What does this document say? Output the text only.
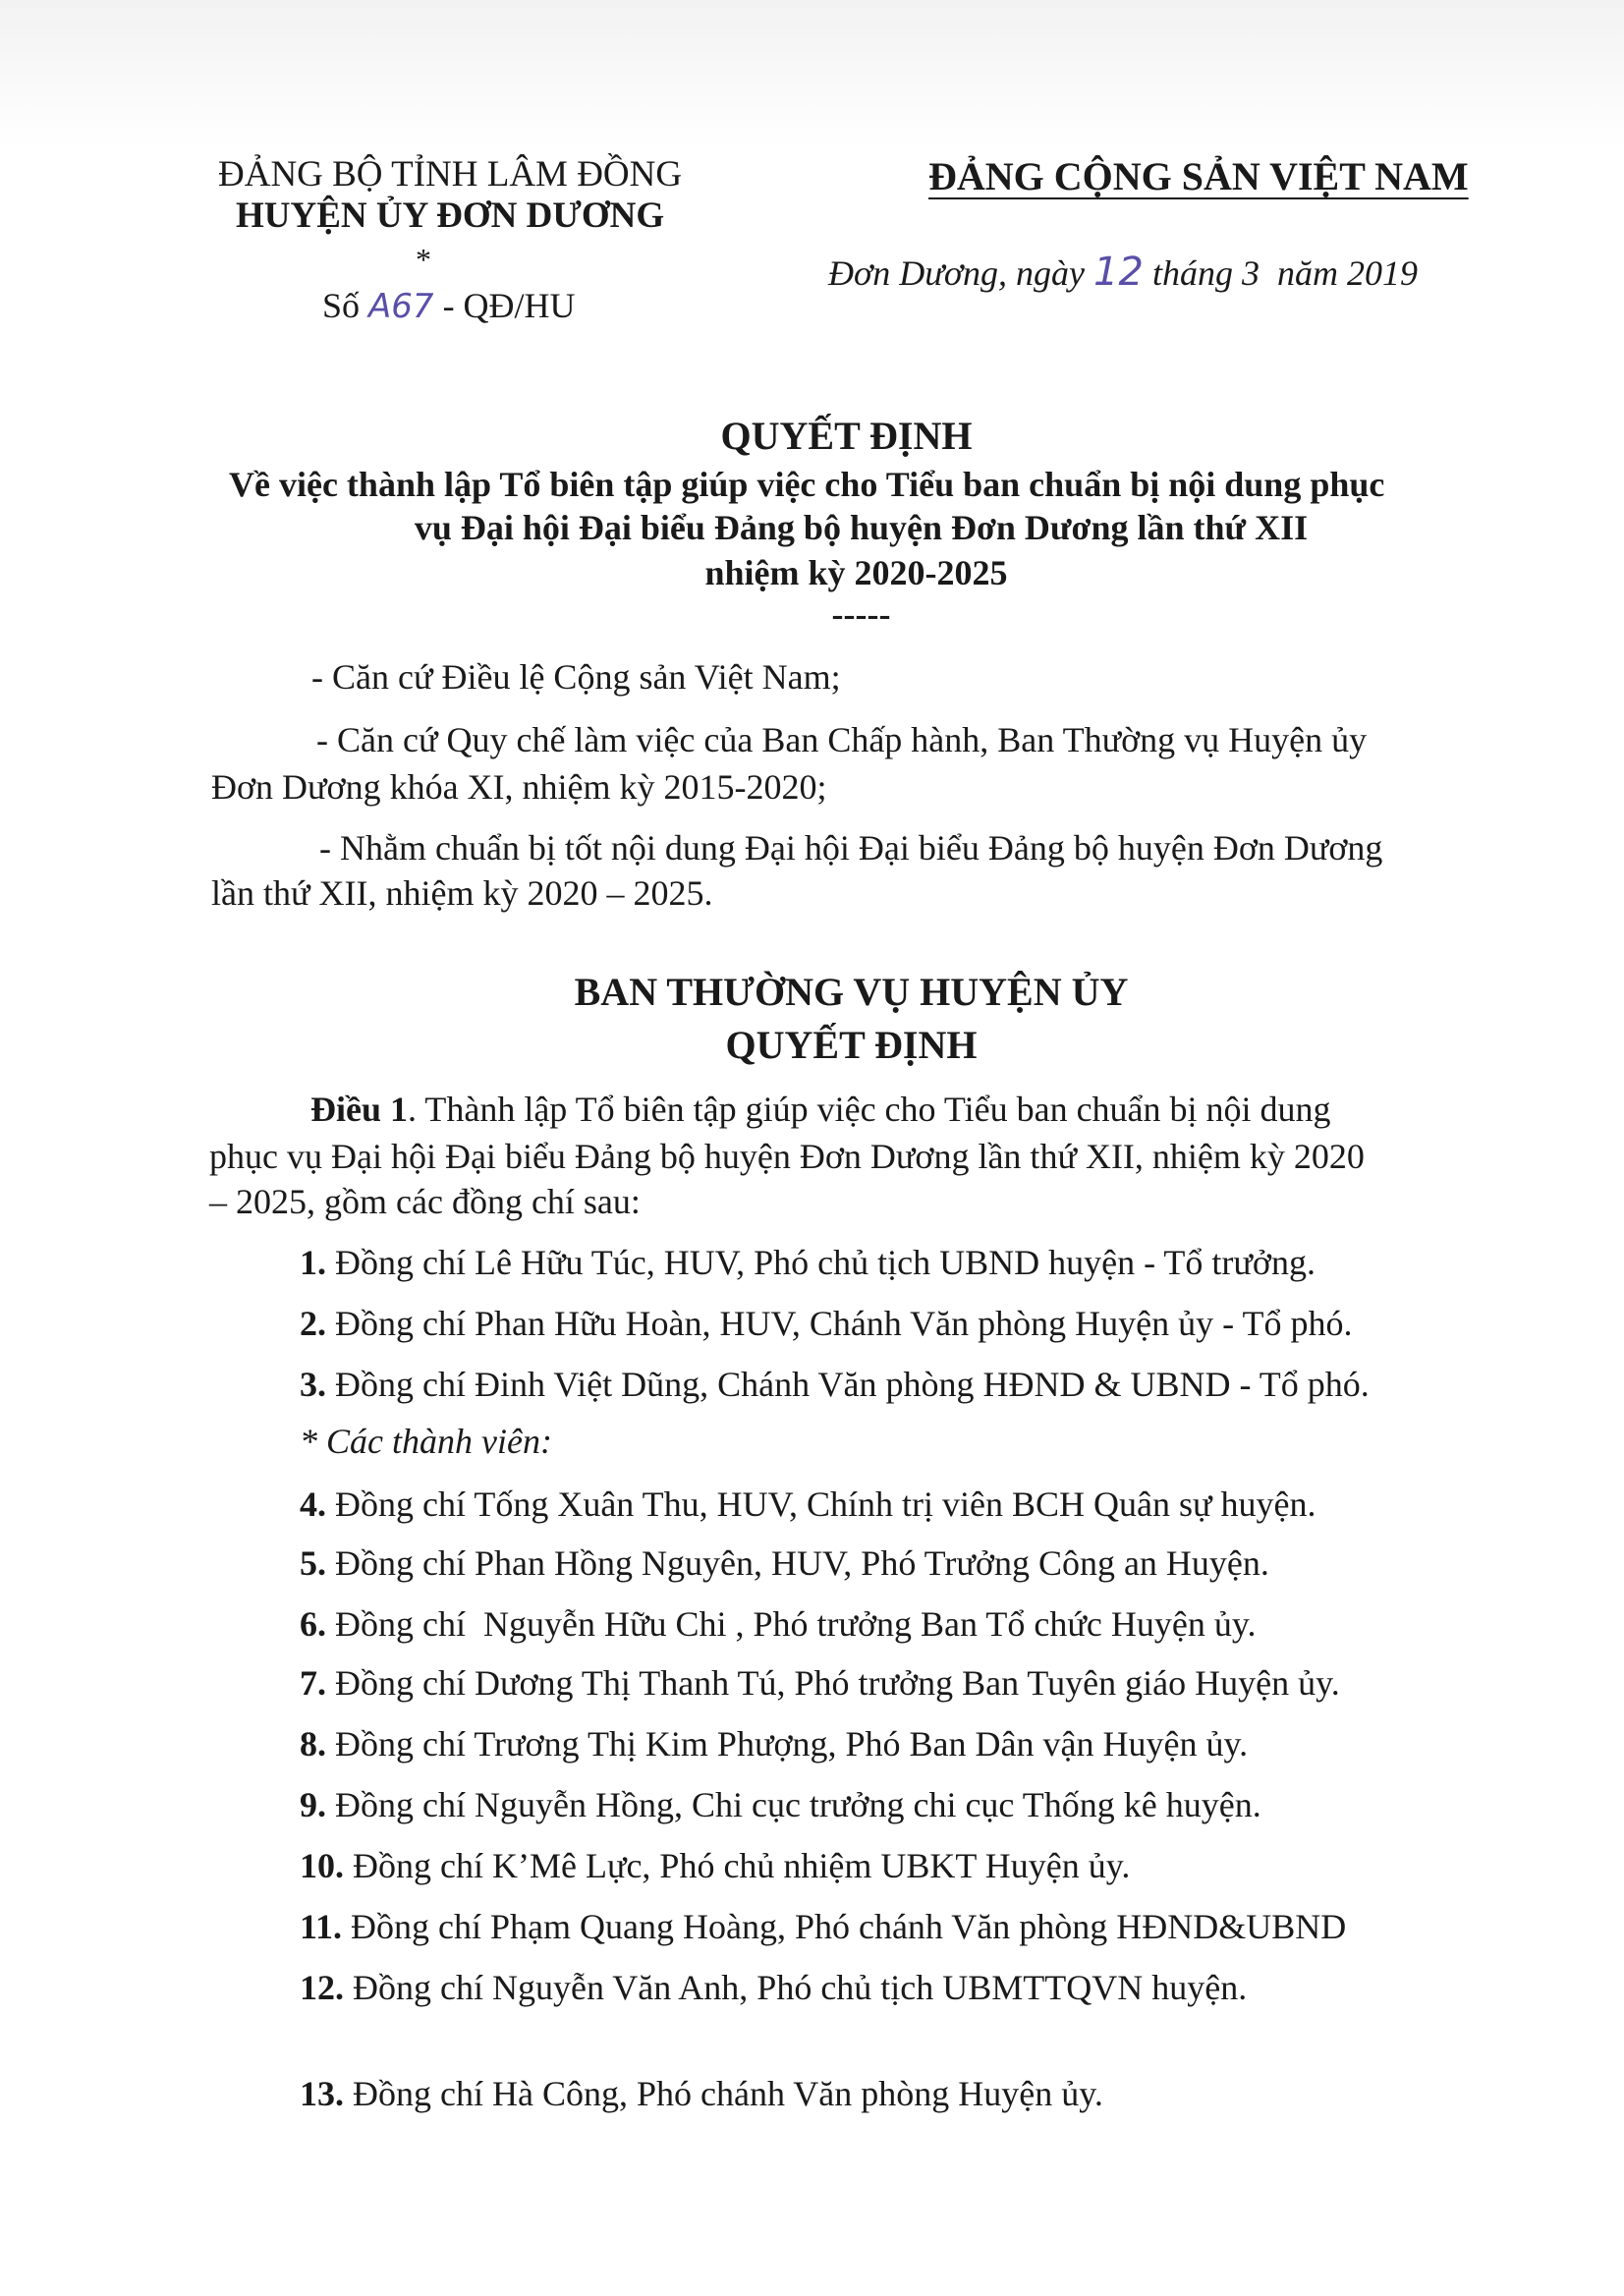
ĐẢNG BỘ TỈNH LÂM ĐỒNG
HUYỆN ỦY ĐƠN DƯƠNG
*
Số A67 - QĐ/HU
ĐẢNG CỘNG SẢN VIỆT NAM
Đơn Dương, ngày 12 tháng 3  năm 2019
QUYẾT ĐỊNH
Về việc thành lập Tổ biên tập giúp việc cho Tiểu ban chuẩn bị nội dung phục
vụ Đại hội Đại biểu Đảng bộ huyện Đơn Dương lần thứ XII
nhiệm kỳ 2020-2025
-----
- Căn cứ Điều lệ Cộng sản Việt Nam;
- Căn cứ Quy chế làm việc của Ban Chấp hành, Ban Thường vụ Huyện ủy
Đơn Dương khóa XI, nhiệm kỳ 2015-2020;
- Nhằm chuẩn bị tốt nội dung Đại hội Đại biểu Đảng bộ huyện Đơn Dương
lần thứ XII, nhiệm kỳ 2020 – 2025.
BAN THƯỜNG VỤ HUYỆN ỦY
QUYẾT ĐỊNH
Điều 1. Thành lập Tổ biên tập giúp việc cho Tiểu ban chuẩn bị nội dung
phục vụ Đại hội Đại biểu Đảng bộ huyện Đơn Dương lần thứ XII, nhiệm kỳ 2020
– 2025, gồm các đồng chí sau:
1. Đồng chí Lê Hữu Túc, HUV, Phó chủ tịch UBND huyện - Tổ trưởng.
2. Đồng chí Phan Hữu Hoàn, HUV, Chánh Văn phòng Huyện ủy - Tổ phó.
3. Đồng chí Đinh Việt Dũng, Chánh Văn phòng HĐND & UBND - Tổ phó.
* Các thành viên:
4. Đồng chí Tống Xuân Thu, HUV, Chính trị viên BCH Quân sự huyện.
5. Đồng chí Phan Hồng Nguyên, HUV, Phó Trưởng Công an Huyện.
6. Đồng chí  Nguyễn Hữu Chi , Phó trưởng Ban Tổ chức Huyện ủy.
7. Đồng chí Dương Thị Thanh Tú, Phó trưởng Ban Tuyên giáo Huyện ủy.
8. Đồng chí Trương Thị Kim Phượng, Phó Ban Dân vận Huyện ủy.
9. Đồng chí Nguyễn Hồng, Chi cục trưởng chi cục Thống kê huyện.
10. Đồng chí K’Mê Lực, Phó chủ nhiệm UBKT Huyện ủy.
11. Đồng chí Phạm Quang Hoàng, Phó chánh Văn phòng HĐND&UBND
12. Đồng chí Nguyễn Văn Anh, Phó chủ tịch UBMTTQVN huyện.
13. Đồng chí Hà Công, Phó chánh Văn phòng Huyện ủy.
